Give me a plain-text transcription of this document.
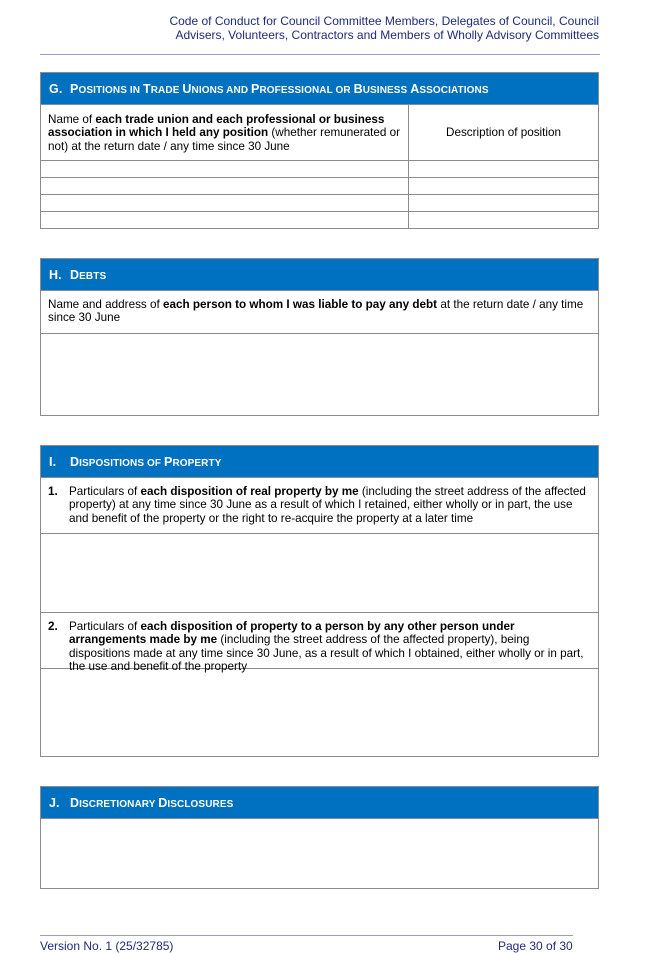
Code of Conduct for Council Committee Members, Delegates of Council, Council
Advisers, Volunteers, Contractors and Members of Wholly Advisory Committees
G. POSITIONS IN TRADE UNIONS AND PROFESSIONAL OR BUSINESS ASSOCIATIONS
Name of each trade union and each professional or business association in which I held any position (whether remunerated or not) at the return date / any time since 30 June
Description of position
H. DEBTS
Name and address of each person to whom I was liable to pay any debt at the return date / any time since 30 June
I.	DISPOSITIONS OF PROPERTY
1. Particulars of each disposition of real property by me (including the street address of the affected property) at any time since 30 June as a result of which I retained, either wholly or in part, the use and benefit of the property or the right to re-acquire the property at a later time
2. Particulars of each disposition of property to a person by any other person under arrangements made by me (including the street address of the affected property), being dispositions made at any time since 30 June, as a result of which I obtained, either wholly or in part, the use and benefit of the property
J. DISCRETIONARY DISCLOSURES
Version No. 1 (25/32785)	Page 30 of 30
